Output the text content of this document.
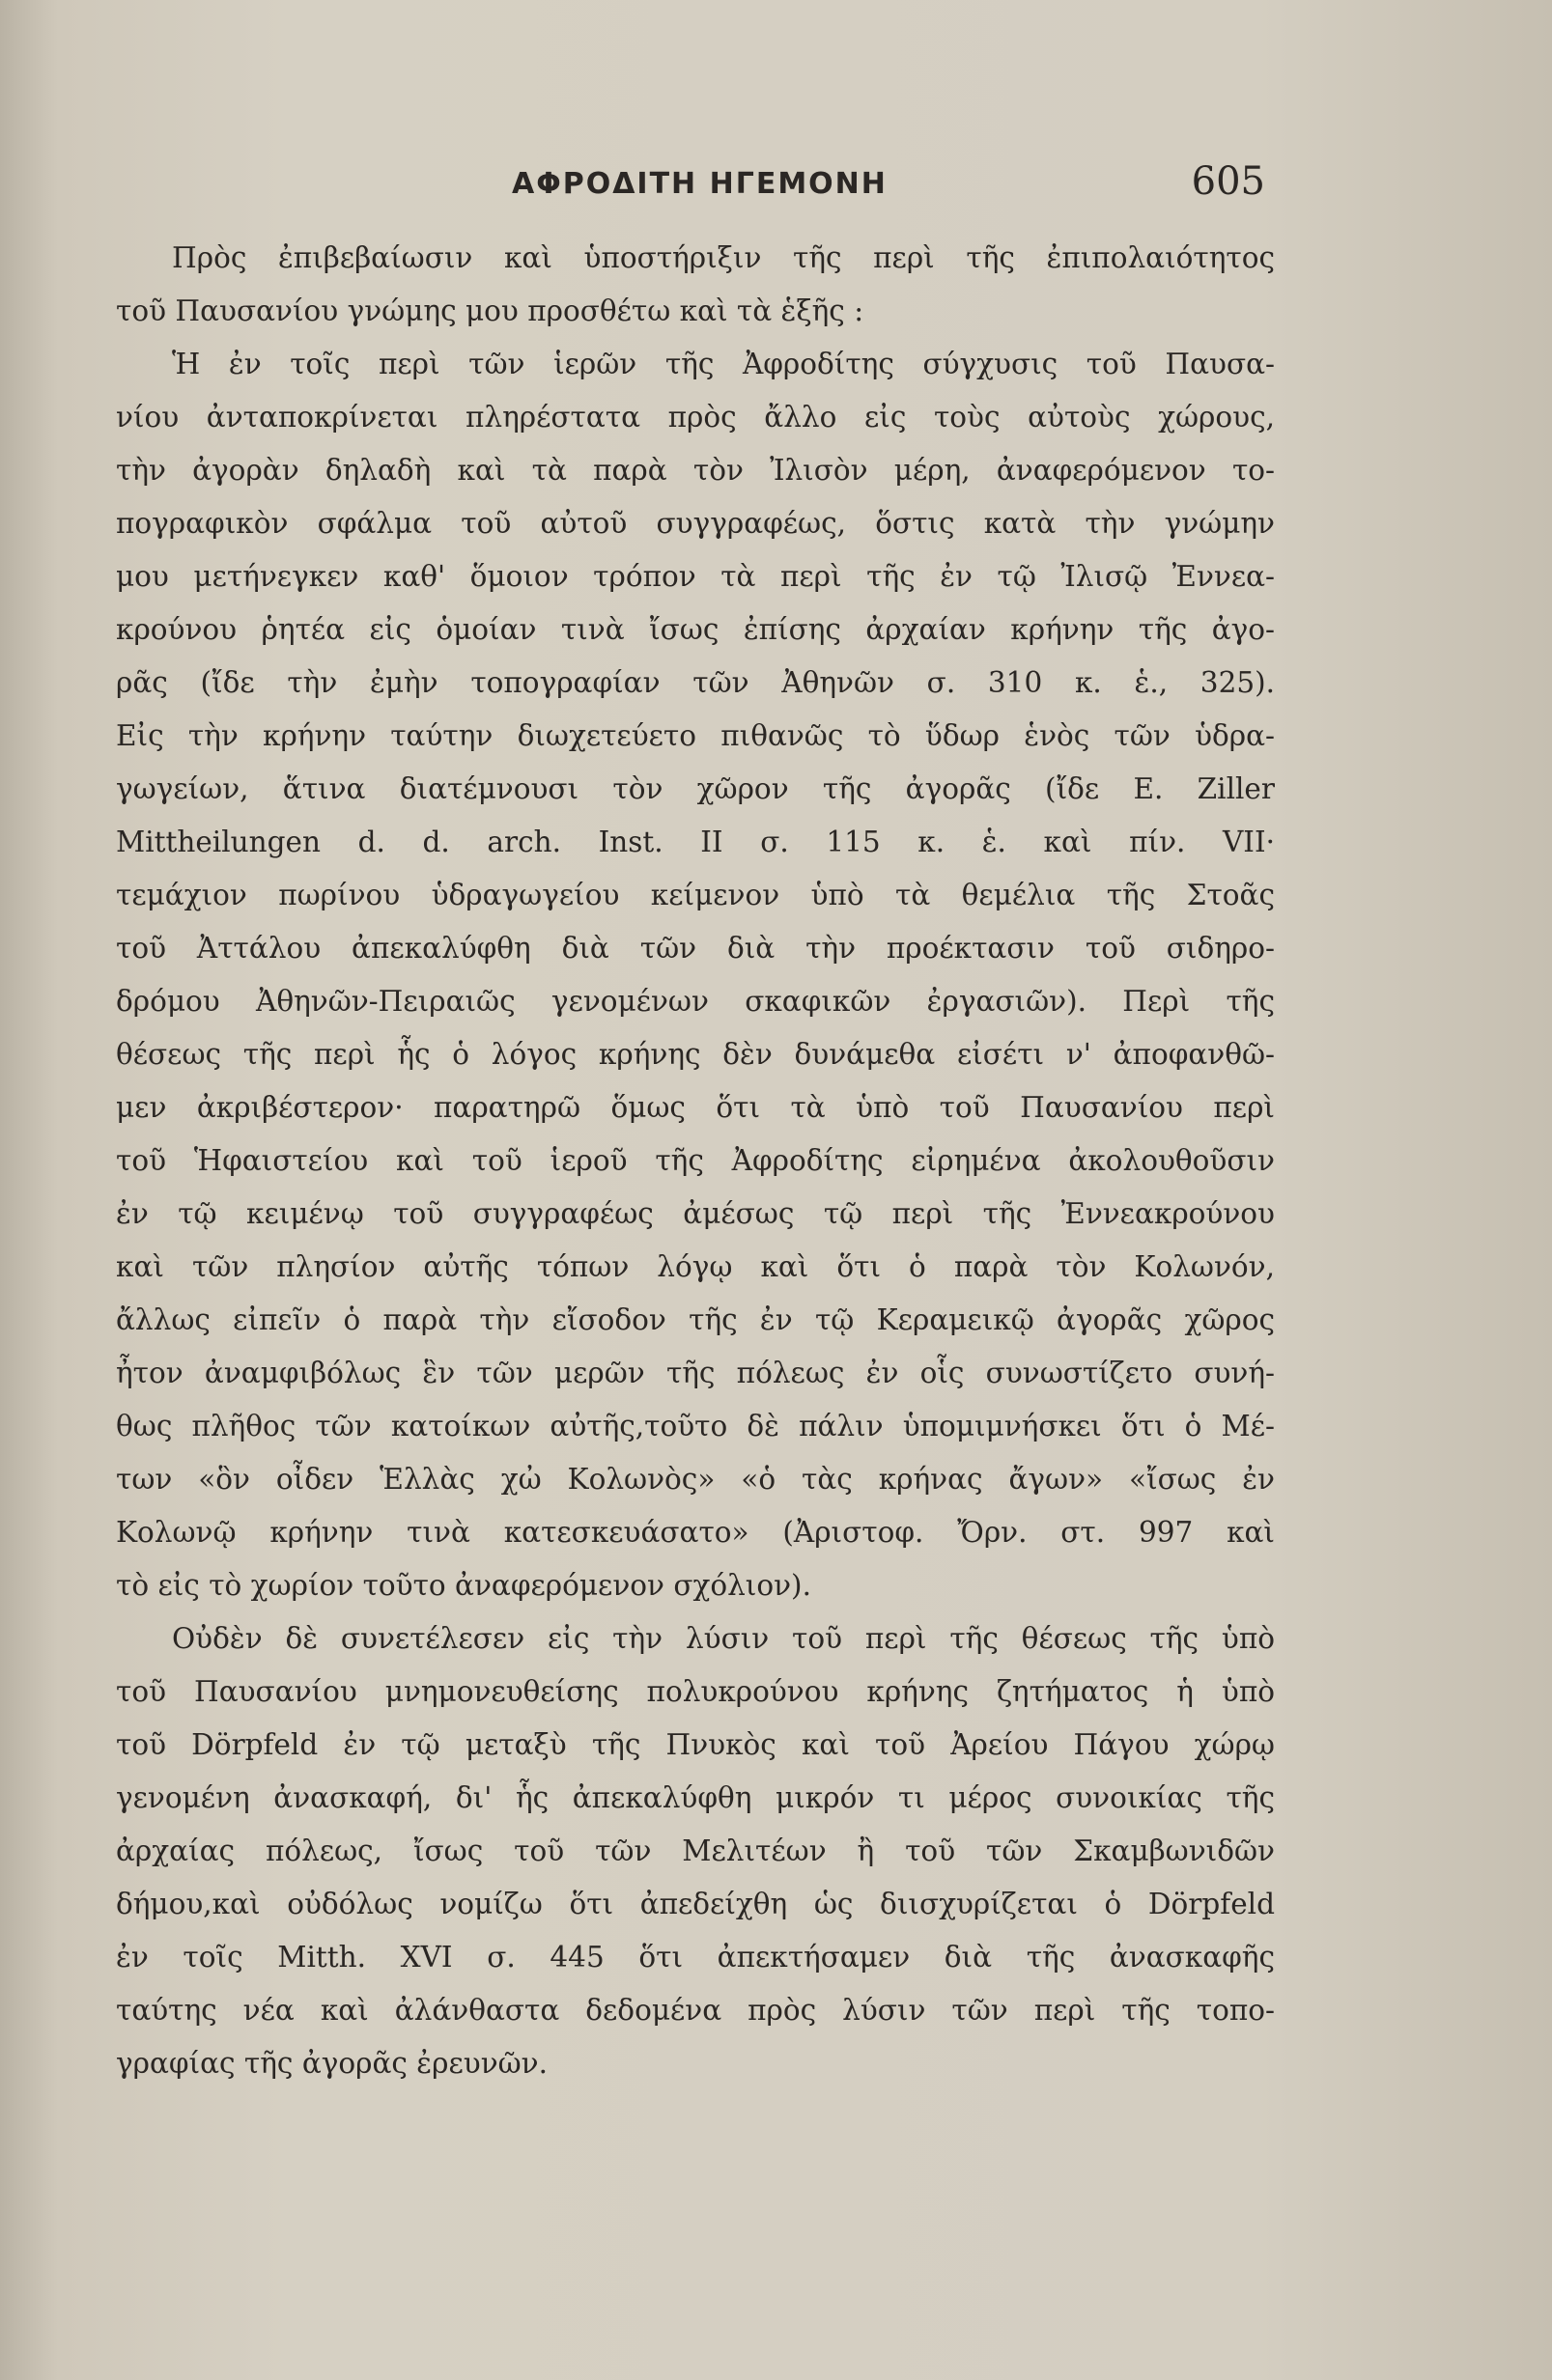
ΑΦΡΟΔΙΤΗ ΗΓΕΜΟΝΗ	605
Πρὸς ἐπιβεβαίωσιν καὶ ὑποστήριξιν τῆς περὶ τῆς ἐπιπολαιότητος
τοῦ Παυσανίου γνώμης μου προσθέτω καὶ τὰ ἑξῆς :
Ἡ ἐν τοῖς περὶ τῶν ἱερῶν τῆς Ἀφροδίτης σύγχυσις τοῦ Παυσα-
νίου ἀνταποκρίνεται πληρέστατα πρὸς ἄλλο εἰς τοὺς αὐτοὺς χώρους,
τὴν ἀγορὰν δηλαδὴ καὶ τὰ παρὰ τὸν Ἰλισὸν μέρη, ἀναφερόμενον το-
πογραφικὸν σφάλμα τοῦ αὐτοῦ συγγραφέως, ὅστις κατὰ τὴν γνώμην
μου μετήνεγκεν καθ' ὅμοιον τρόπον τὰ περὶ τῆς ἐν τῷ Ἰλισῷ Ἐννεα-
κρούνου ῥητέα εἰς ὁμοίαν τινὰ ἴσως ἐπίσης ἀρχαίαν κρήνην τῆς ἀγο-
ρᾶς (ἴδε τὴν ἐμὴν τοπογραφίαν τῶν Ἀθηνῶν σ. 310 κ. ἑ., 325).
Εἰς τὴν κρήνην ταύτην διωχετεύετο πιθανῶς τὸ ὕδωρ ἑνὸς τῶν ὑδρα-
γωγείων, ἅτινα διατέμνουσι τὸν χῶρον τῆς ἀγορᾶς (ἴδε E. Ziller
Mittheilungen d. d. arch. Inst. II σ. 115 κ. ἑ. καὶ πίν. VII·
τεμάχιον πωρίνου ὑδραγωγείου κείμενον ὑπὸ τὰ θεμέλια τῆς Στοᾶς
τοῦ Ἀττάλου ἀπεκαλύφθη διὰ τῶν διὰ τὴν προέκτασιν τοῦ σιδηρο-
δρόμου Ἀθηνῶν-Πειραιῶς γενομένων σκαφικῶν ἐργασιῶν). Περὶ τῆς
θέσεως τῆς περὶ ἧς ὁ λόγος κρήνης δὲν δυνάμεθα εἰσέτι ν' ἀποφανθῶ-
μεν ἀκριβέστερον· παρατηρῶ ὅμως ὅτι τὰ ὑπὸ τοῦ Παυσανίου περὶ
τοῦ Ἡφαιστείου καὶ τοῦ ἱεροῦ τῆς Ἀφροδίτης εἰρημένα ἀκολουθοῦσιν
ἐν τῷ κειμένῳ τοῦ συγγραφέως ἀμέσως τῷ περὶ τῆς Ἐννεακρούνου
καὶ τῶν πλησίον αὐτῆς τόπων λόγῳ καὶ ὅτι ὁ παρὰ τὸν Κολωνόν,
ἄλλως εἰπεῖν ὁ παρὰ τὴν εἴσοδον τῆς ἐν τῷ Κεραμεικῷ ἀγορᾶς χῶρος
ἦτον ἀναμφιβόλως ἓν τῶν μερῶν τῆς πόλεως ἐν οἷς συνωστίζετο συνή-
θως πλῆθος τῶν κατοίκων αὐτῆς,τοῦτο δὲ πάλιν ὑπομιμνήσκει ὅτι ὁ Μέ-
των «ὃν οἶδεν Ἑλλὰς χὠ Κολωνὸς» «ὁ τὰς κρήνας ἄγων» «ἴσως ἐν
Κολωνῷ κρήνην τινὰ κατεσκευάσατο» (Ἀριστοφ. Ὄρν. στ. 997 καὶ
τὸ εἰς τὸ χωρίον τοῦτο ἀναφερόμενον σχόλιον).
Οὐδὲν δὲ συνετέλεσεν εἰς τὴν λύσιν τοῦ περὶ τῆς θέσεως τῆς ὑπὸ
τοῦ Παυσανίου μνημονευθείσης πολυκρούνου κρήνης ζητήματος ἡ ὑπὸ
τοῦ Dörpfeld ἐν τῷ μεταξὺ τῆς Πνυκὸς καὶ τοῦ Ἀρείου Πάγου χώρῳ
γενομένη ἀνασκαφή, δι' ἧς ἀπεκαλύφθη μικρόν τι μέρος συνοικίας τῆς
ἀρχαίας πόλεως, ἴσως τοῦ τῶν Μελιτέων ἢ τοῦ τῶν Σκαμβωνιδῶν
δήμου,καὶ οὐδόλως νομίζω ὅτι ἀπεδείχθη ὡς διισχυρίζεται ὁ Dörpfeld
ἐν τοῖς Mitth. XVI σ. 445 ὅτι ἀπεκτήσαμεν διὰ τῆς ἀνασκαφῆς
ταύτης νέα καὶ ἀλάνθαστα δεδομένα πρὸς λύσιν τῶν περὶ τῆς τοπο-
γραφίας τῆς ἀγορᾶς ἐρευνῶν.
